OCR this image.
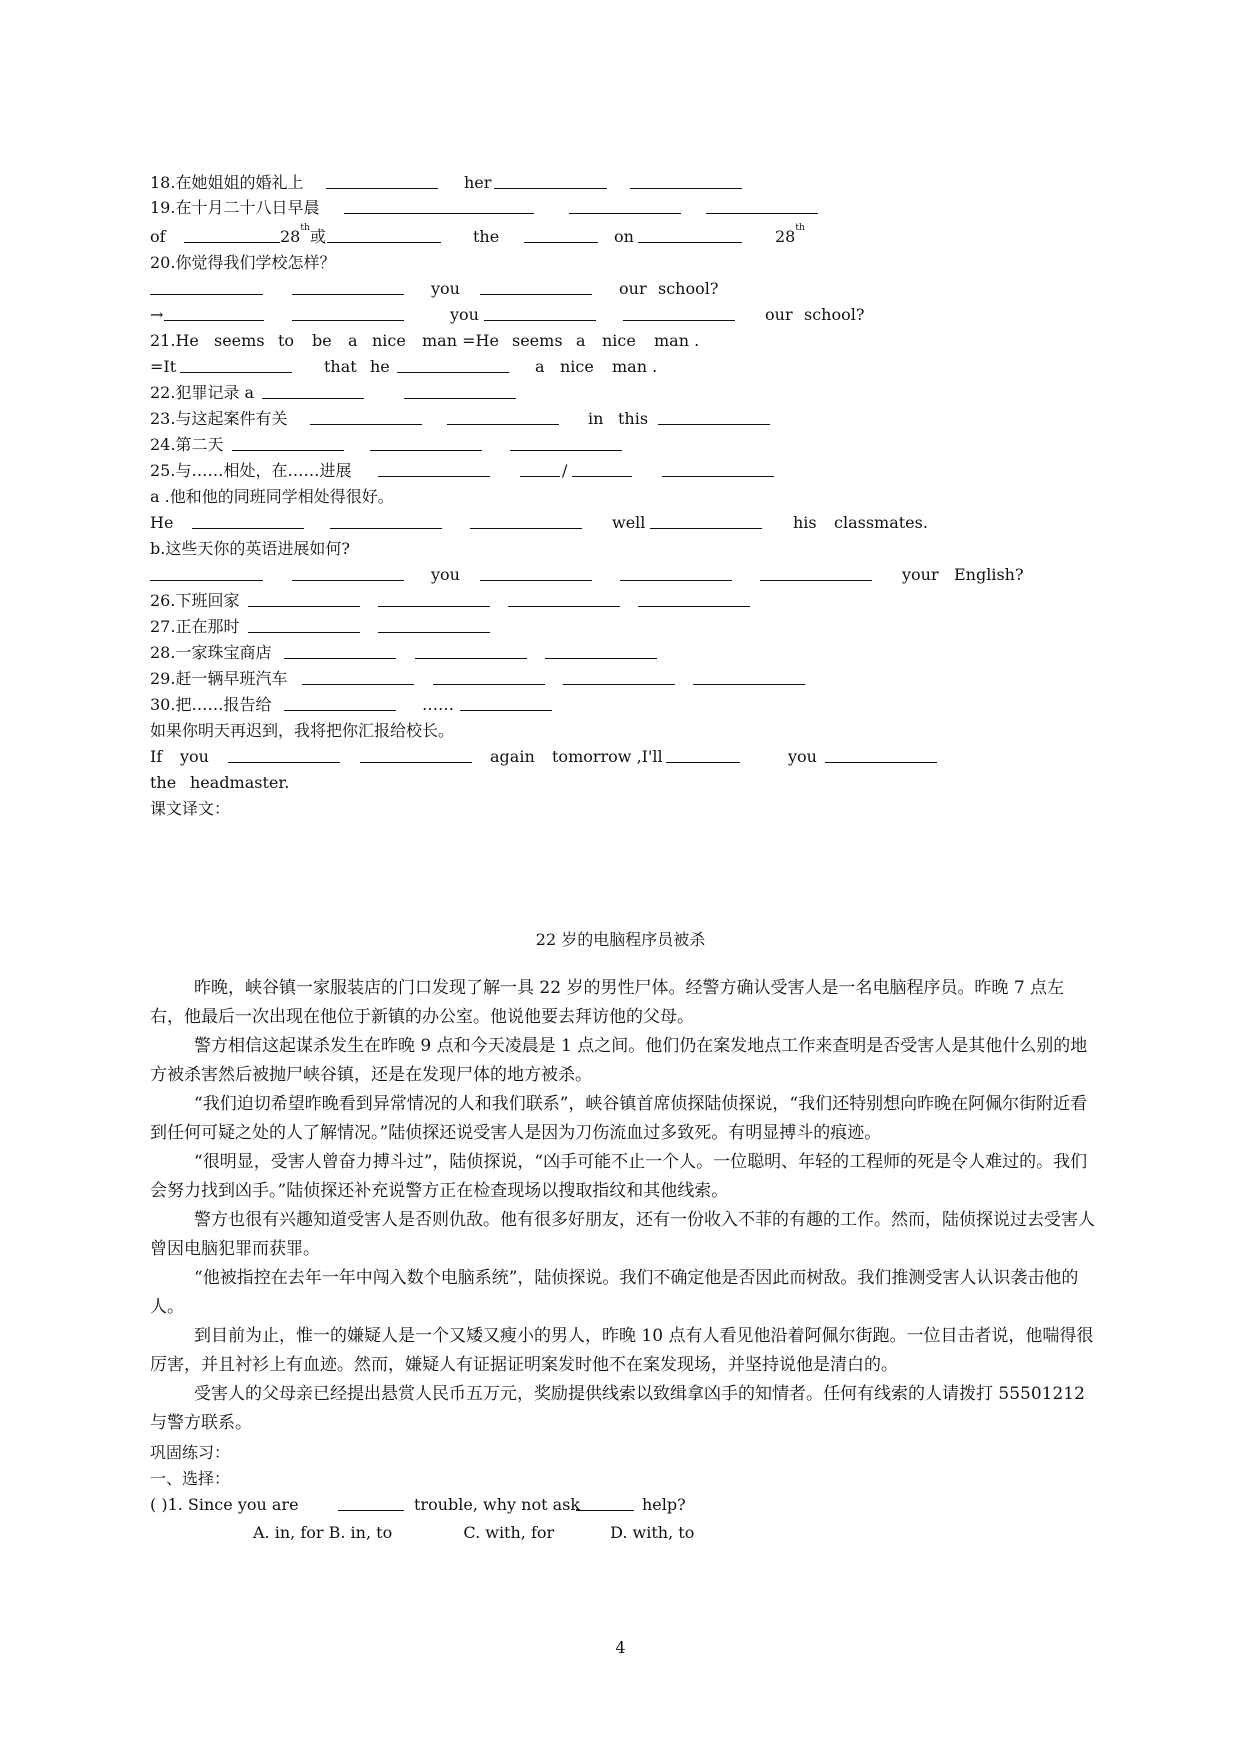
18.在她姐姐的婚礼上	her
19.在十月二十八日早晨
of	28th 或	the	on	28th
20.你觉得我们学校怎样？
you	our school?
→	you	our school?
21.He seems to be a nice man =He seems a nice man .
=It	that he	a nice man .
22.犯罪记录 a
23.与这起案件有关	in this
24.第二天
25.与……相处，在……进展	/
a .他和他的同班同学相处得很好。
He	well	his classmates.
b.这些天你的英语进展如何?
you	your English?
26.下班回家
27.正在那时
28.一家珠宝商店
29.赶一辆早班汽车
30.把……报告给	……
如果你明天再迟到，我将把你汇报给校长。
If you	again tomorrow ,I'll	you
the headmaster.
课文译文：
22 岁的电脑程序员被杀
昨晚，峡谷镇一家服装店的门口发现了解一具 22 岁的男性尸体。经警方确认受害人是一名电脑程序员。昨晚 7 点左右，他最后一次出现在他位于新镇的办公室。他说他要去拜访他的父母。
警方相信这起谋杀发生在昨晚 9 点和今天凌晨是 1 点之间。他们仍在案发地点工作来查明是否受害人是其他什么别的地方被杀害然后被抛尸峡谷镇，还是在发现尸体的地方被杀。
“我们迫切希望昨晚看到异常情况的人和我们联系”，峡谷镇首席侦探陆侦探说，“我们还特别想向昨晚在阿佩尔街附近看到任何可疑之处的人了解情况。”陆侦探还说受害人是因为刀伤流血过多致死。有明显搏斗的痕迹。
“很明显，受害人曾奋力搏斗过”，陆侦探说，“凶手可能不止一个人。一位聪明、年轻的工程师的死是令人难过的。我们会努力找到凶手。”陆侦探还补充说警方正在检查现场以搜取指纹和其他线索。
警方也很有兴趣知道受害人是否则仇敌。他有很多好朋友，还有一份收入不菲的有趣的工作。然而，陆侦探说过去受害人曾因电脑犯罪而获罪。
“他被指控在去年一年中闯入数个电脑系统”，陆侦探说。我们不确定他是否因此而树敌。我们推测受害人认识袭击他的人。
到目前为止，惟一的嫌疑人是一个又矮又瘦小的男人，昨晚 10 点有人看见他沿着阿佩尔街跑。一位目击者说，他喘得很厉害，并且衬衫上有血迹。然而，嫌疑人有证据证明案发时他不在案发现场，并坚持说他是清白的。
受害人的父母亲已经提出悬赏人民币五万元，奖励提供线索以致缉拿凶手的知情者。任何有线索的人请拨打 55501212 与警方联系。
巩固练习：
一、选择：
( )1. Since you are	trouble, why not ask	help?
A. in, for B. in, to              C. with, for           D. with, to
4
